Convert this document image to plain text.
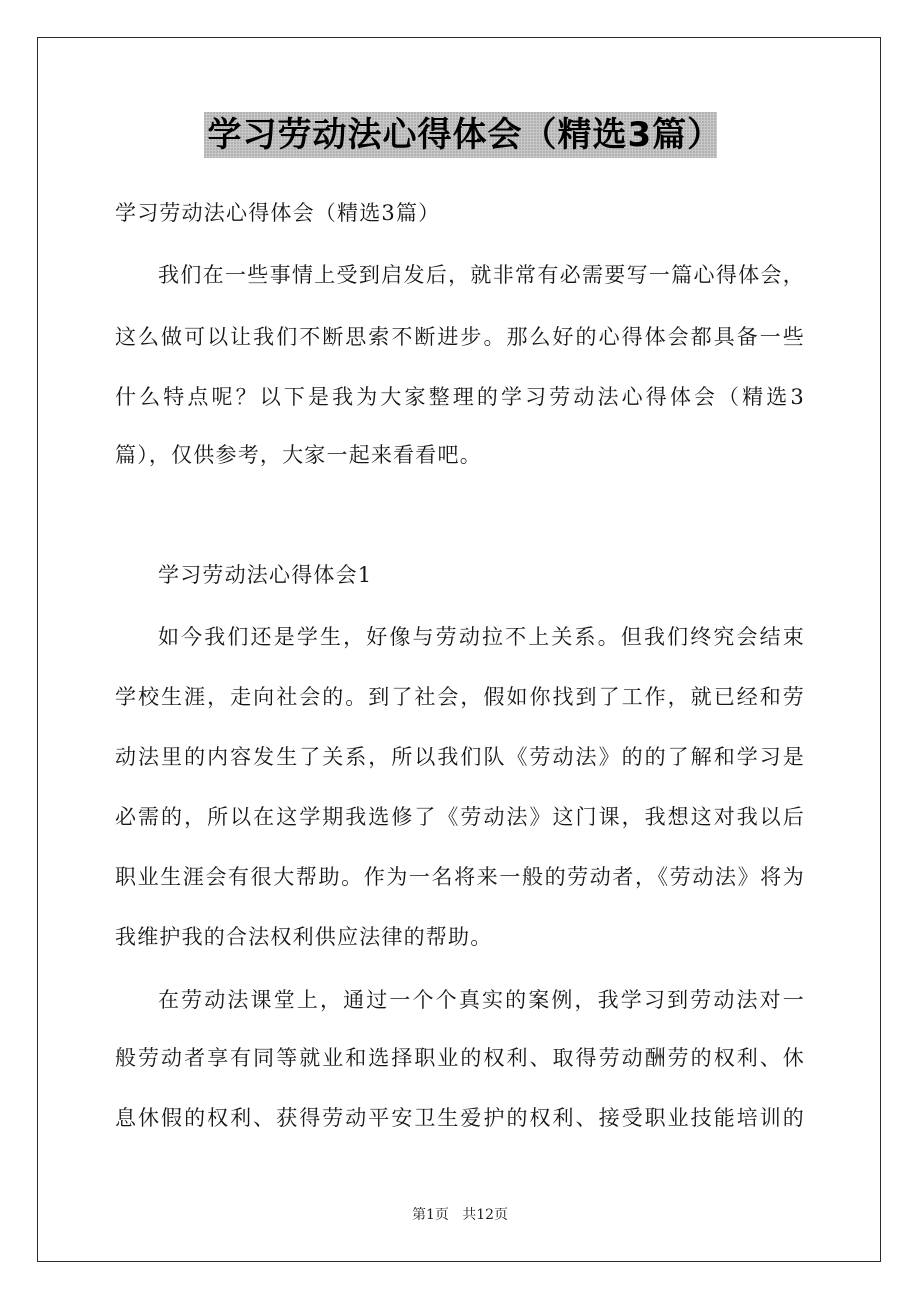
学习劳动法心得体会（精选3篇）
学习劳动法心得体会（精选3篇）
我们在一些事情上受到启发后，就非常有必需要写一篇心得体会，
这么做可以让我们不断思索不断进步。那么好的心得体会都具备一些
什么特点呢？以下是我为大家整理的学习劳动法心得体会（精选3
篇），仅供参考，大家一起来看看吧。
学习劳动法心得体会1
如今我们还是学生，好像与劳动拉不上关系。但我们终究会结束
学校生涯，走向社会的。到了社会，假如你找到了工作，就已经和劳
动法里的内容发生了关系，所以我们队《劳动法》的的了解和学习是
必需的，所以在这学期我选修了《劳动法》这门课，我想这对我以后
职业生涯会有很大帮助。作为一名将来一般的劳动者，《劳动法》将为
我维护我的合法权利供应法律的帮助。
在劳动法课堂上，通过一个个真实的案例，我学习到劳动法对一
般劳动者享有同等就业和选择职业的权利、取得劳动酬劳的权利、休
息休假的权利、获得劳动平安卫生爱护的权利、接受职业技能培训的
第1页   共12页
